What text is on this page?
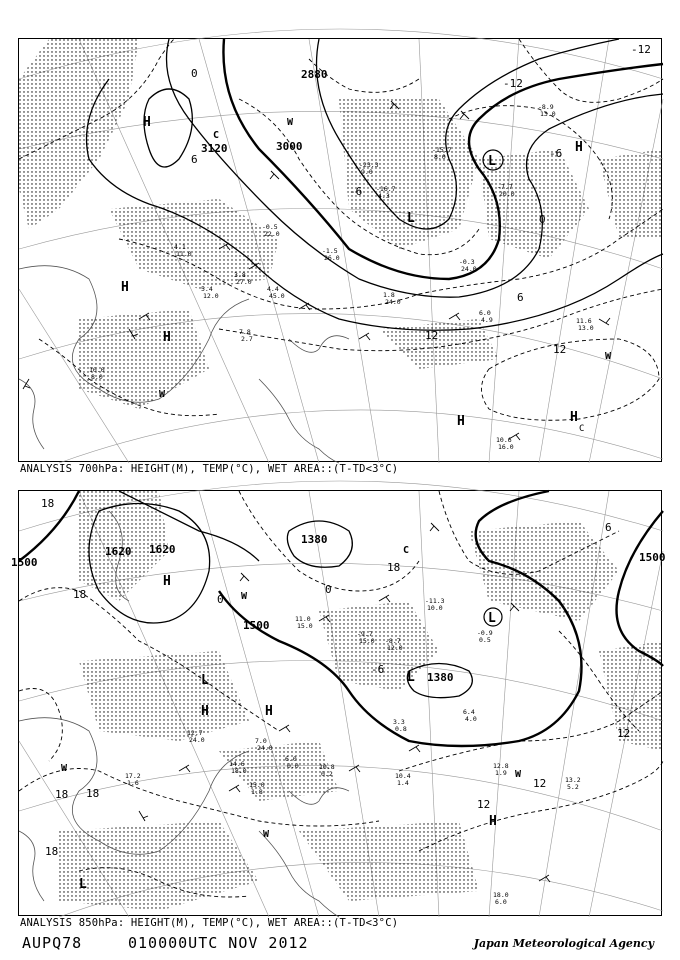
3120	3000
2880
-12
-12
-6
0
6
12
12
-6
0
6
H
H
H
H
H
L
L
C
W
W
W
H
C
-23.3
9.0
-16.7
4.3
-15.7
8.0
-7.7
20.0
-8.9
13.0
-0.3
24.0
3.8
27.0
4.4
45.0	1.8
24.0
6.0
4.9	11.6
13.0
10.6
16.0
7.8
2.7
5.4
12.0
4.1
11.0
10.0
8.0
-0.5
22.0
-1.5
26.0
ANALYSIS 700hPa: HEIGHT(M), TEMP(°C), WET AREA::(T-TD<3°C)
1620 1620
1500
1500	1500
1380
1380
18
18
18
18 18
18
12
12
12
6
0
0
-6
H
H	H
H
L
L
L
L
C
W
W
W
W	-11.3
10.0
-9.7
15.0 -8.7
12.0
-0.9
0.5
6.4
4.0
3.3
0.8
12.8
1.9
13.2
5.2
10.4
1.4
15.0
1.8
17.2
1.6
18.0
6.0
14.6
18.0
7.0
24.0
6.0
0.0	10.8
0.2
12.7
24.0
11.0
15.0
ANALYSIS 850hPa: HEIGHT(M), TEMP(°C), WET AREA::(T-TD<3°C)
AUPQ78	010000UTC NOV 2012	Japan Meteorological Agency
